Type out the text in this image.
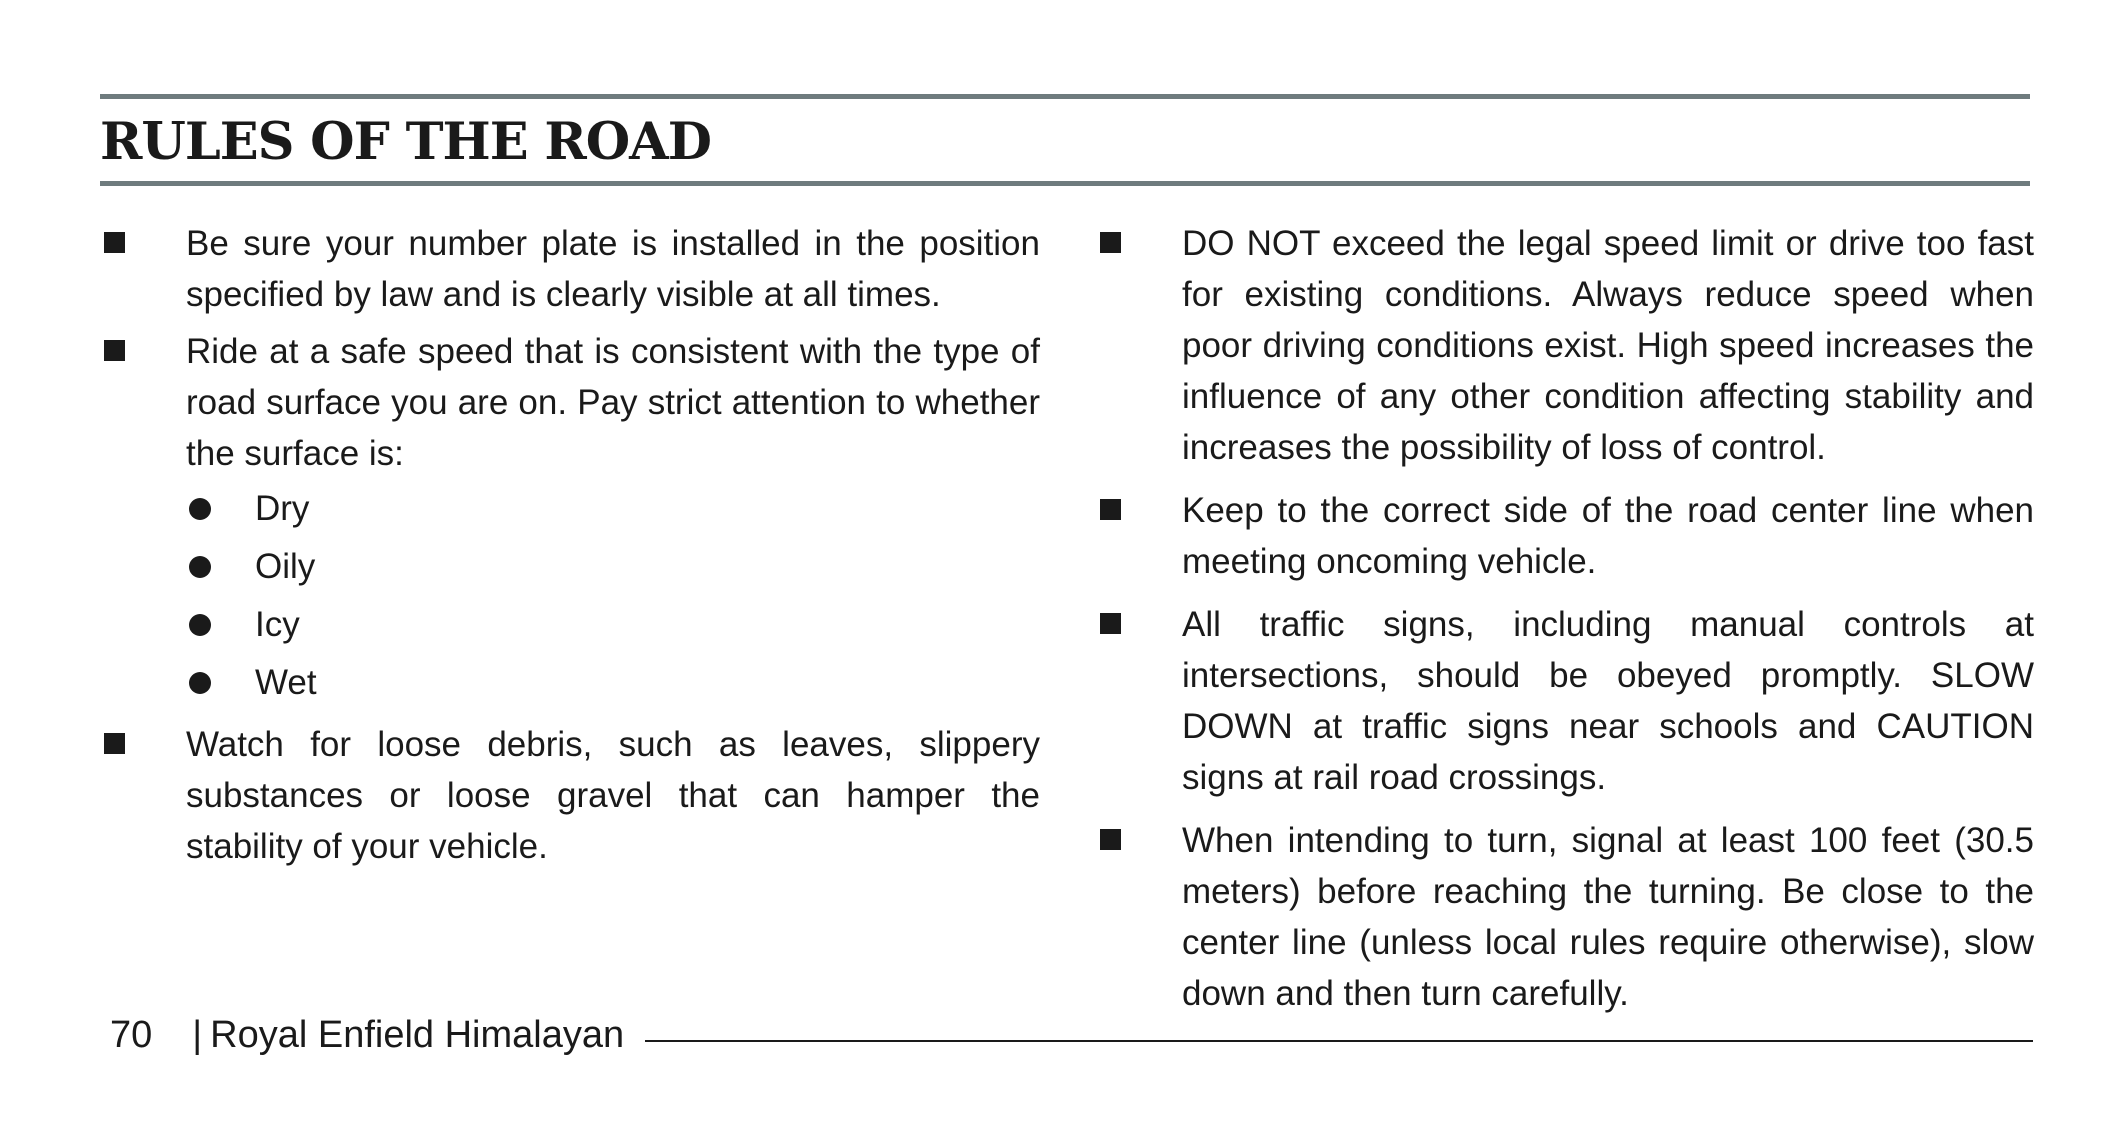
RULES OF THE ROAD
Be sure your number plate is installed in the position specified by law and is clearly visible at all times.
Ride at a safe speed that is consistent with the type of road surface you are on. Pay strict attention to whether the surface is:
Dry
Oily
Icy
Wet
Watch for loose debris, such as leaves, slippery substances or loose gravel that can hamper the stability of your vehicle.
DO NOT exceed the legal speed limit or drive too fast for existing conditions. Always reduce speed when poor driving conditions exist. High speed increases the influence of any other condition affecting stability and increases the possibility of loss of control.
Keep to the correct side of the road center line when meeting oncoming vehicle.
All traffic signs, including manual controls at intersections, should be obeyed promptly. SLOW DOWN at traffic signs near schools and CAUTION signs at rail road crossings.
When intending to turn, signal at least 100 feet (30.5 meters) before reaching the turning. Be close to the center line (unless local rules require otherwise), slow down and then turn carefully.
70 | Royal Enfield Himalayan
